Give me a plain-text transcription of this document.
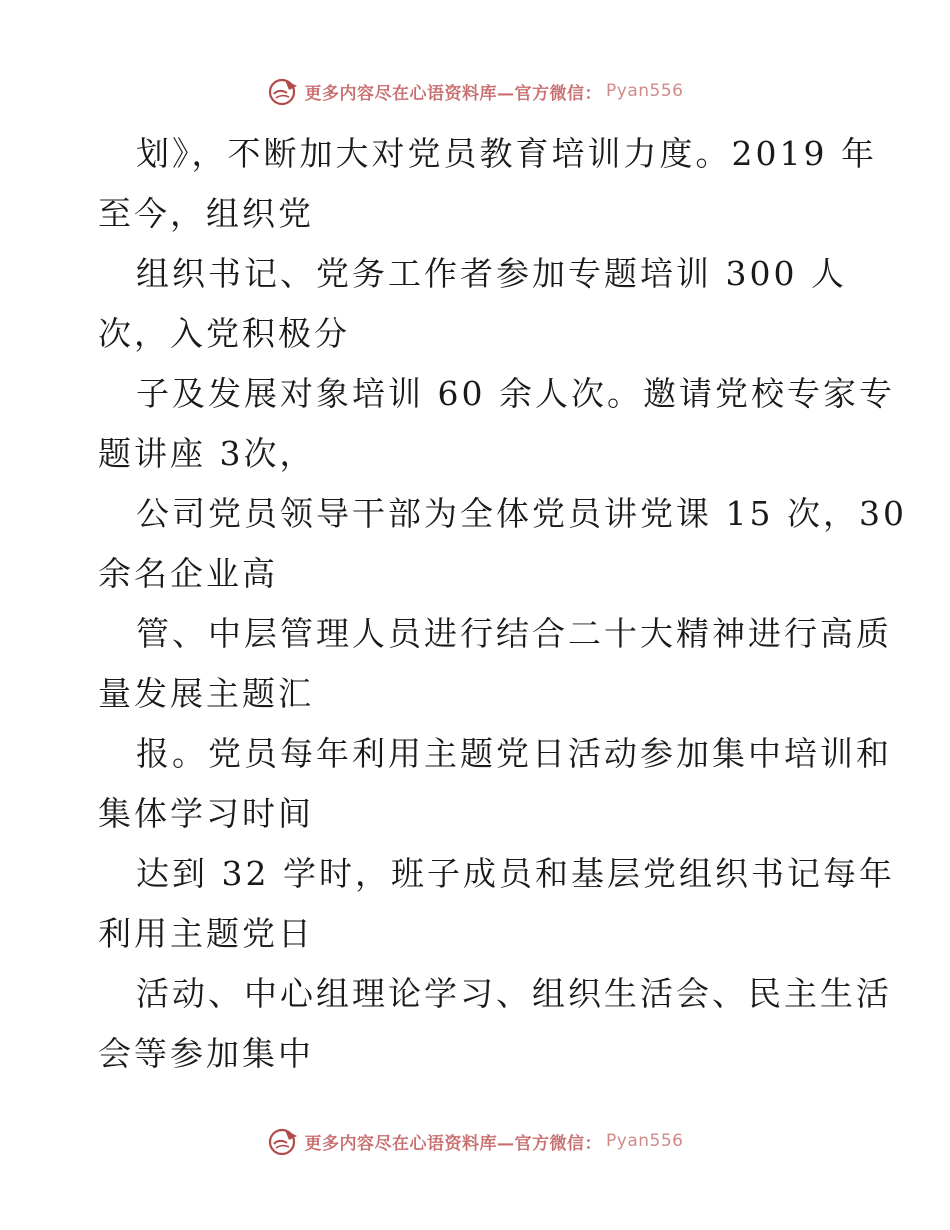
更多内容尽在心语资料库—官方微信： Pyan556
划》，不断加大对党员教育培训力度。2019 年
至今，组织党
组织书记、党务工作者参加专题培训 300 人
次，入党积极分
子及发展对象培训 60 余人次。邀请党校专家专
题讲座 3次，
公司党员领导干部为全体党员讲党课 15 次，30
余名企业高
管、中层管理人员进行结合二十大精神进行高质
量发展主题汇
报。党员每年利用主题党日活动参加集中培训和
集体学习时间
达到 32 学时，班子成员和基层党组织书记每年
利用主题党日
活动、中心组理论学习、组织生活会、民主生活
会等参加集中
更多内容尽在心语资料库—官方微信： Pyan556
